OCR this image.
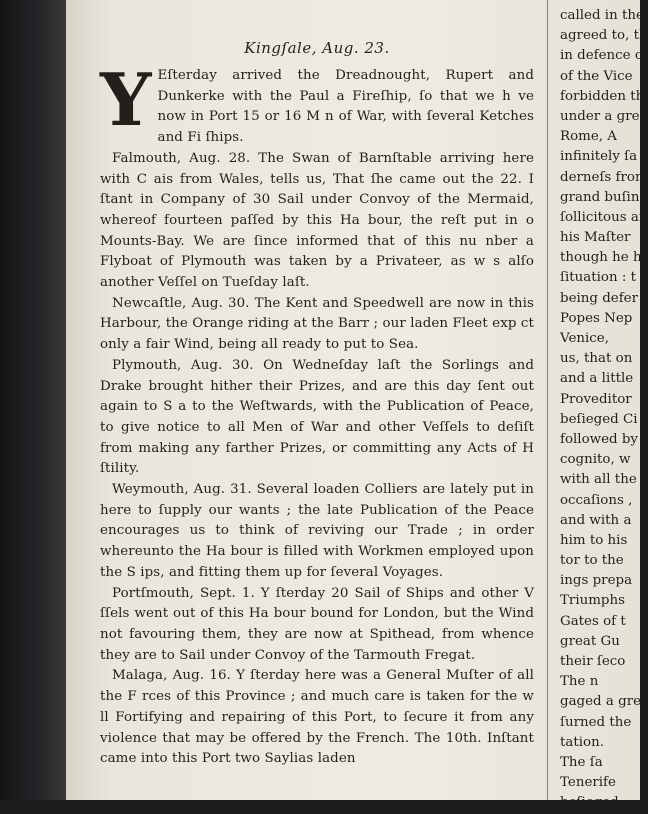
Kingſale, Aug. 23.

Y Eſterday arrived the Dreadnought, Rupert and Dunkerke with the Paul a Fireſhip, ſo that we h ve now in Port 15 or 16 M n of War, with ſeveral Ketches and Fi ſhips.

Falmouth, Aug. 28. The Swan of Barnſtable arriving here with C ais from Wales, tells us, That ſhe came out the 22. I ſtant in Company of 30 Sail under Convoy of the Mermaid, whereof fourteen paſſed by this Ha bour, the reſt put in o Mounts-Bay. We are ſince informed that of this nu nber a Flyboat of Plymouth was taken by a Privateer, as w s alſo another Veſſel on Tueſday laſt.

Newcaſtle, Aug. 30. The Kent and Speedwell are now in this Harbour, the Orange riding at the Barr ; our laden Fleet exp ct only a fair Wind, being all ready to put to Sea.

Plymouth, Aug. 30. On Wedneſday laſt the Sorlings and Drake brought hither their Prizes, and are this day ſent out again to S a to the Weſtwards, with the Publication of Peace, to give notice to all Men of War and other Veſſels to deſiſt from making any farther Prizes, or committing any Acts of H ſtility.

Weymouth, Aug. 31. Several loaden Colliers are lately put in here to ſupply our wants ; the late Publication of the Peace encourages us to think of reviving our Trade ; in order whereunto the Ha bour is filled with Workmen employed upon the S ips, and fitting them up for ſeveral Voyages.

Portſmouth, Sept. 1. Y ſterday 20 Sail of Ships and other V ſſels went out of this Ha bour bound for London, but the Wind not favouring them, they are now at Spithead, from whence they are to Sail under Convoy of the Tarmouth Fregat.

Malaga, Aug. 16. Y ſterday here was a General Muſter of all the F rces of this Province ; and much care is taken for the w ll Fortifying and repairing of this Port, to ſecure it from any violence that may be offered by the French. The 10th. Inſtant came into this Port two Saylias laden

called in the
agreed to, th
in defence o
of the Vice
forbidden th
under a gre
Rome, A
infinitely ſa
derneſs from
grand buſine
ſollicitous ar
his Maſter
though he h
ſituation : t
being defer
Popes Nep
Venice,
us, that on
and a little
Proveditor
beſieged Ci
followed by
cognito, w
with all the
occaſions ,
and with a
him to his
tor to the
ings prepa
Triumphs
Gates of t
great Gu
their ſeco
The n
gaged a gre
ſurned the
tation.
The ſa
Tenerife
beſieged,
